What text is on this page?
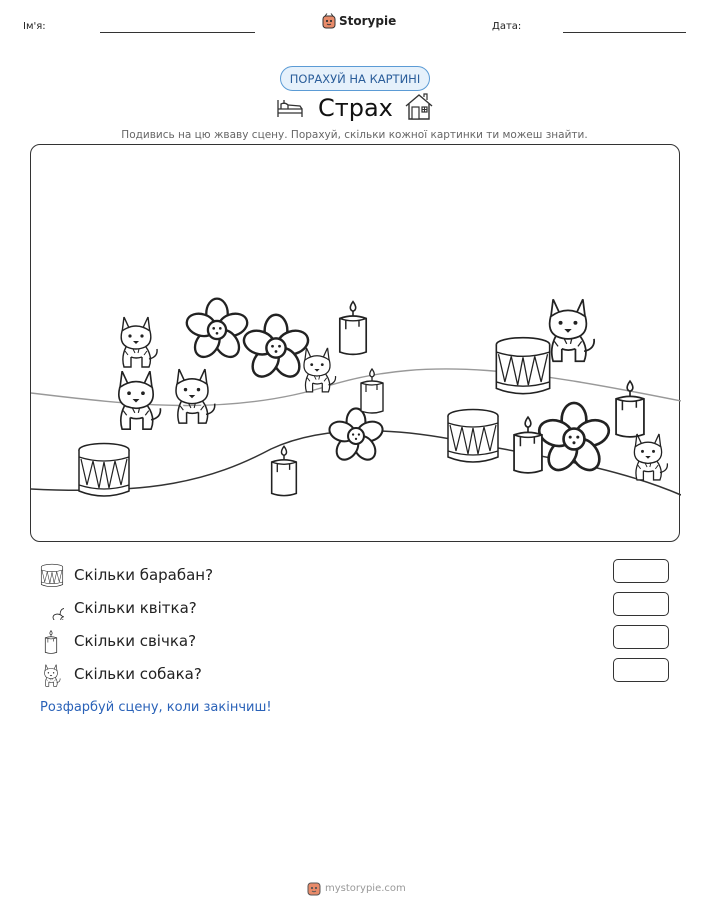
Ім'я:	Storypie	Дата:
ПОРАХУЙ НА КАРТИНІ
Страх
Подивись на цю жваву сцену. Порахуй, скільки кожної картинки ти можеш знайти.
Скільки барабан?
Скільки квітка?
Скільки свічка?
Скільки собака?
Розфарбуй сцену, коли закінчиш!
mystorypie.com
